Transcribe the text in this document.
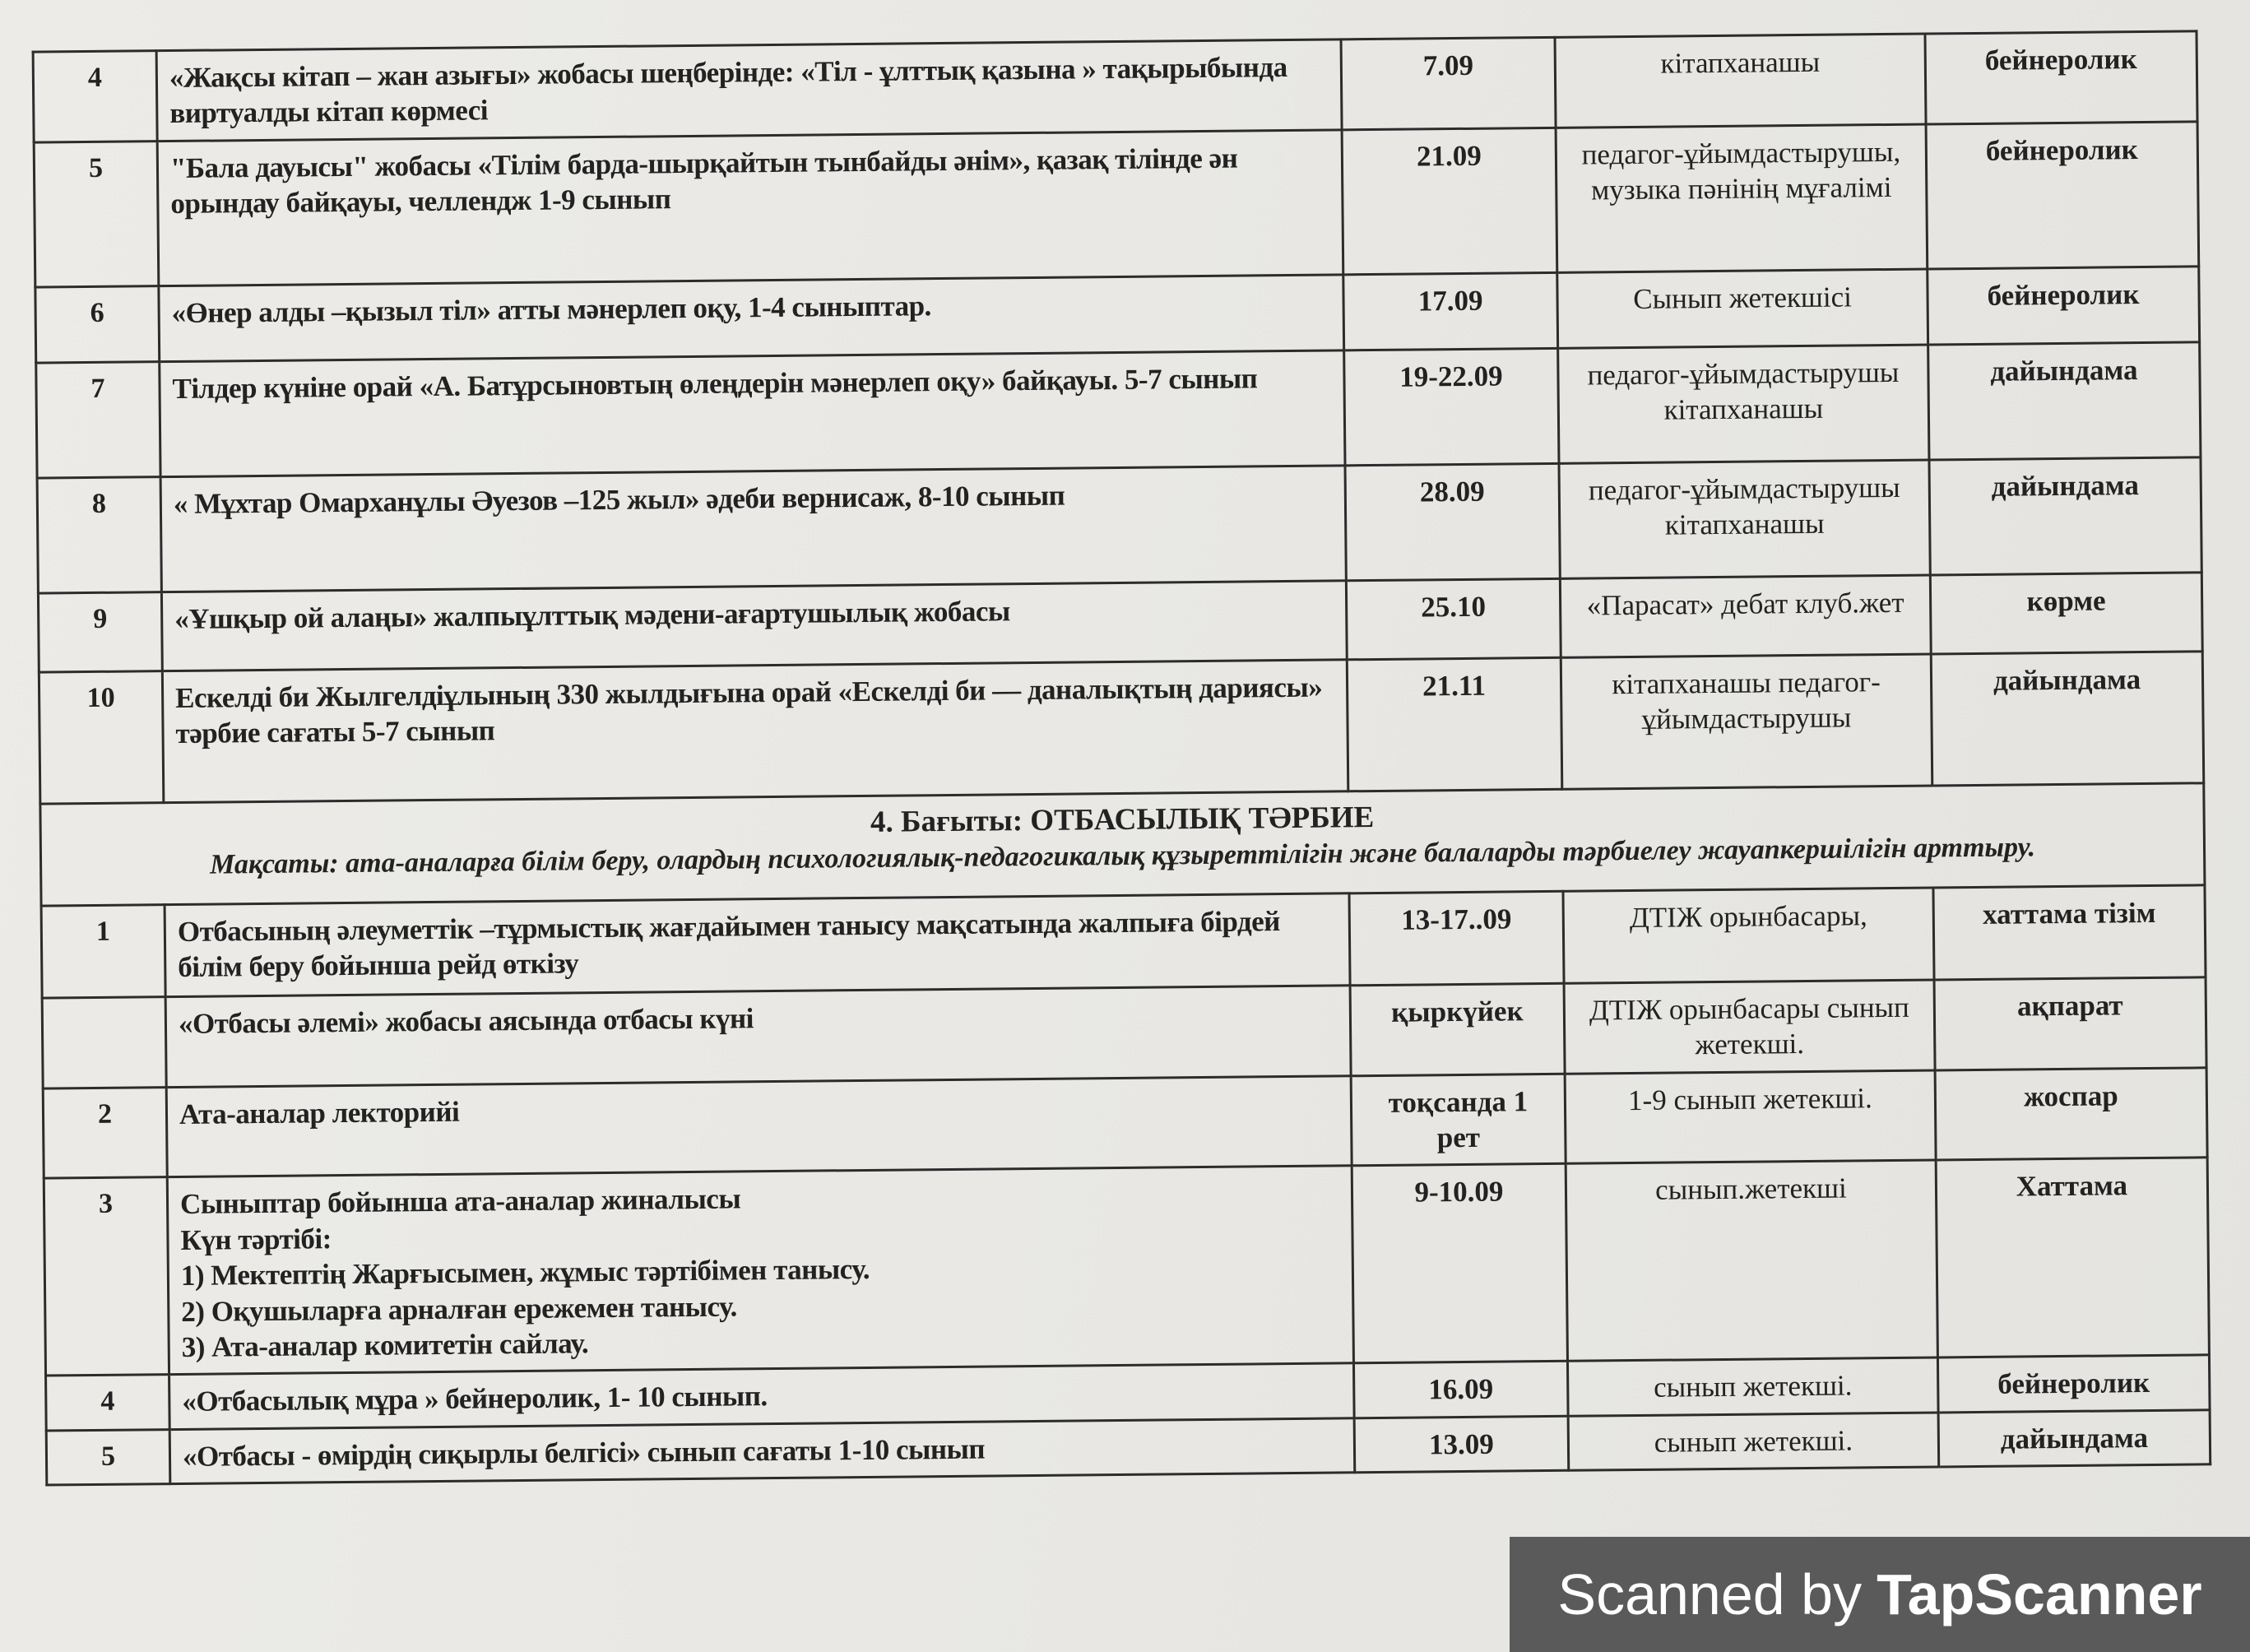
4	«Жақсы кітап – жан азығы» жобасы шеңберінде: «Тіл - ұлттық қазына » тақырыбында виртуалды кітап көрмесі	7.09	кітапханашы	бейнеролик
5	"Бала дауысы" жобасы «Тілім барда-шырқайтын тынбайды әнім», қазақ тілінде ән орындау байқауы, челлендж 1-9 сынып	21.09	педагог-ұйымдастырушы, музыка пәнінің мұғалімі	бейнеролик
6	«Өнер алды –қызыл тіл» атты мәнерлеп оқу, 1-4 сыныптар.	17.09	Сынып жетекшісі	бейнеролик
7	Тілдер күніне орай «А. Батұрсыновтың өлеңдерін мәнерлеп оқу» байқауы. 5-7 сынып	19-22.09	педагог-ұйымдастырушы кітапханашы	дайындама
8	« Мұхтар Омарханұлы Әуезов –125 жыл» әдеби вернисаж, 8-10 сынып	28.09	педагог-ұйымдастырушы кітапханашы	дайындама
9	«Ұшқыр ой алаңы» жалпыұлттық мәдени-ағартушылық жобасы	25.10	«Парасат» дебат клуб.жет	көрме
10	Ескелді би Жылгелдіұлының 330 жылдығына орай «Ескелді би — даналықтың дариясы» тәрбие сағаты 5-7 сынып	21.11	кітапханашы педагог-ұйымдастырушы	дайындама

4. Бағыты: ОТБАСЫЛЫҚ ТӘРБИЕ
Мақсаты: ата-аналарға білім беру, олардың психологиялық-педагогикалық құзыреттілігін және балаларды тәрбиелеу жауапкершілігін арттыру.				

1	Отбасының әлеуметтік –тұрмыстық жағдайымен танысу мақсатында жалпыға бірдей білім беру бойынша рейд өткізу	13-17..09	ДТІЖ орынбасары,	хаттама тізім
	«Отбасы әлемі» жобасы аясында отбасы күні	қыркүйек	ДТІЖ орынбасары сынып жетекші.	ақпарат
2	Ата-аналар лекторийі	тоқсанда 1 рет	1-9 сынып жетекші.	жоспар
3	Сыныптар бойынша ата-аналар жиналысы
Күн тәртібі:
1) Мектептің Жарғысымен, жұмыс тәртібімен танысу.
2) Оқушыларға арналған ережемен танысу.
3) Ата-аналар комитетін сайлау.	9-10.09	сынып.жетекші	Хаттама
4	«Отбасылық мұра » бейнеролик, 1- 10 сынып.	16.09	сынып жетекші.	бейнеролик
5	«Отбасы - өмірдің сиқырлы белгісі» сынып сағаты 1-10 сынып	13.09	сынып жетекші.	дайындама
Scanned by TapScanner
